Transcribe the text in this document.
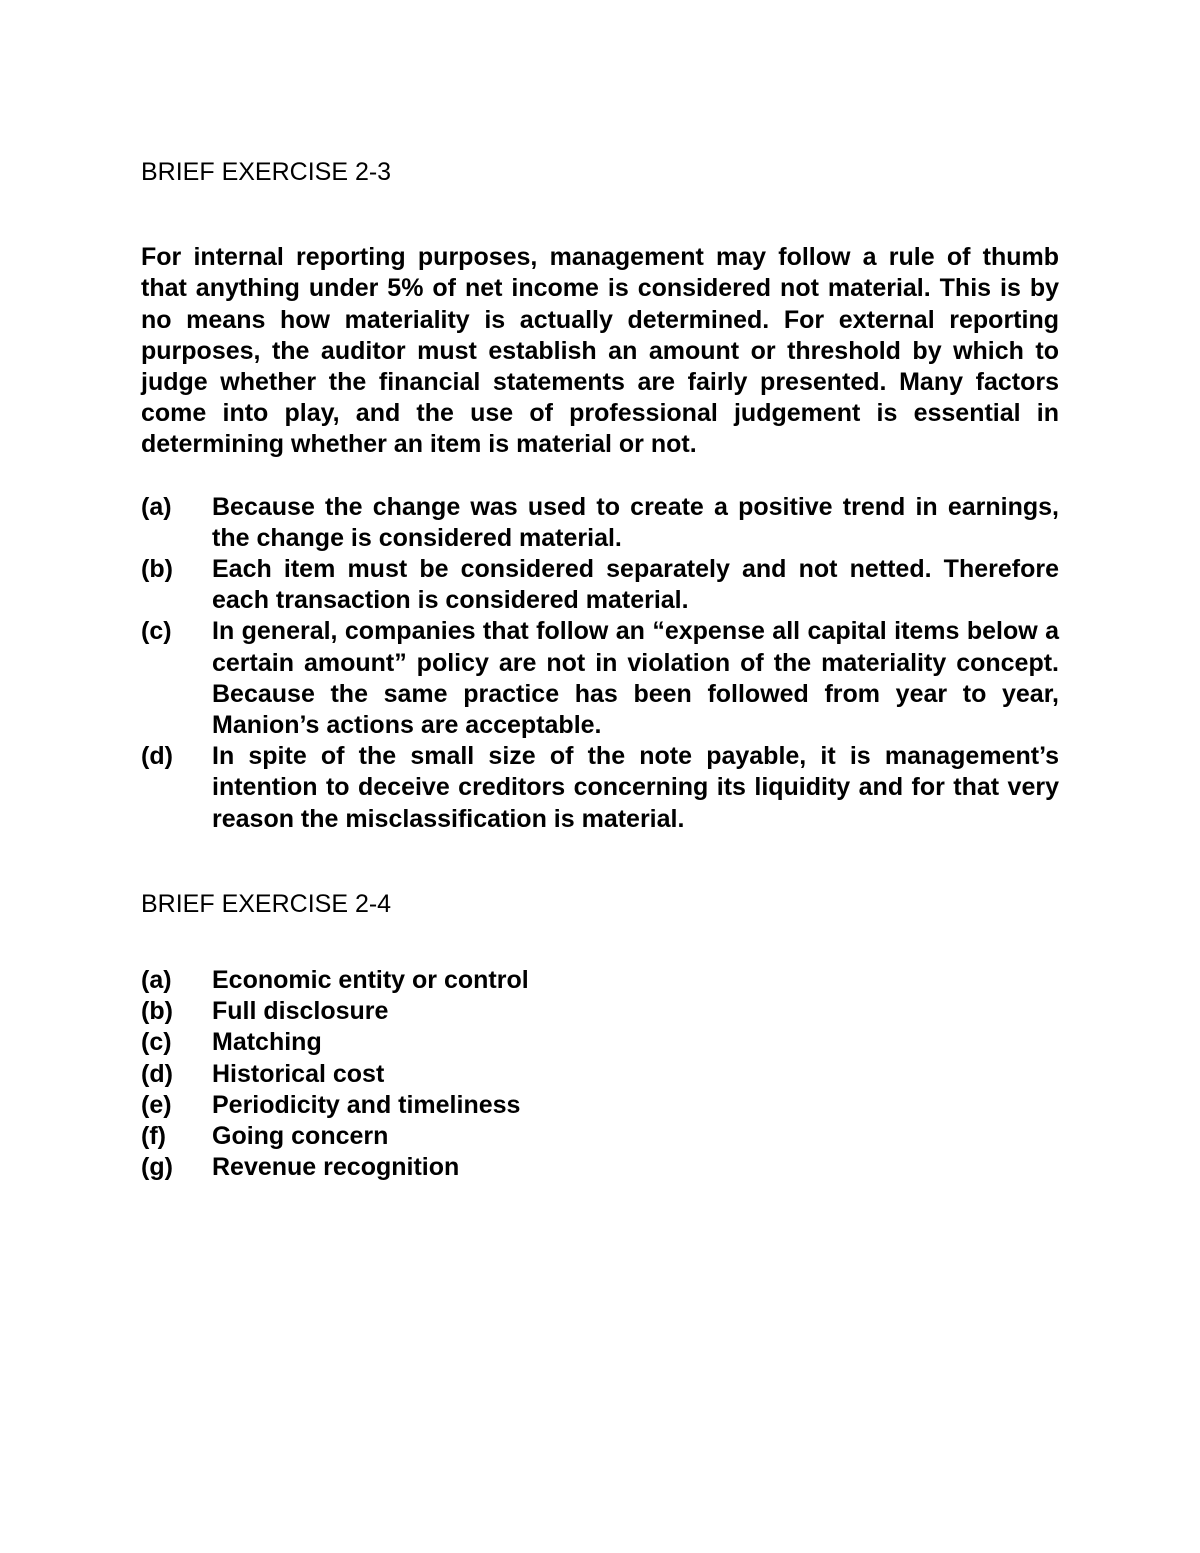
BRIEF EXERCISE 2-3

For internal reporting purposes, management may follow a rule of thumb that anything under 5% of net income is considered not material. This is by no means how materiality is actually determined. For external reporting purposes, the auditor must establish an amount or threshold by which to judge whether the financial statements are fairly presented. Many factors come into play, and the use of professional judgement is essential in determining whether an item is material or not.

(a)	Because the change was used to create a positive trend in earnings, the change is considered material.
(b)	Each item must be considered separately and not netted. Therefore each transaction is considered material.
(c)	In general, companies that follow an “expense all capital items below a certain amount” policy are not in violation of the materiality concept. Because the same practice has been followed from year to year, Manion’s actions are acceptable.
(d)	In spite of the small size of the note payable, it is management’s intention to deceive creditors concerning its liquidity and for that very reason the misclassification is material.
BRIEF EXERCISE 2-4
(a)	Economic entity or control
(b)	Full disclosure
(c)	Matching
(d)	Historical cost
(e)	Periodicity and timeliness
(f)	Going concern
(g)	Revenue recognition
